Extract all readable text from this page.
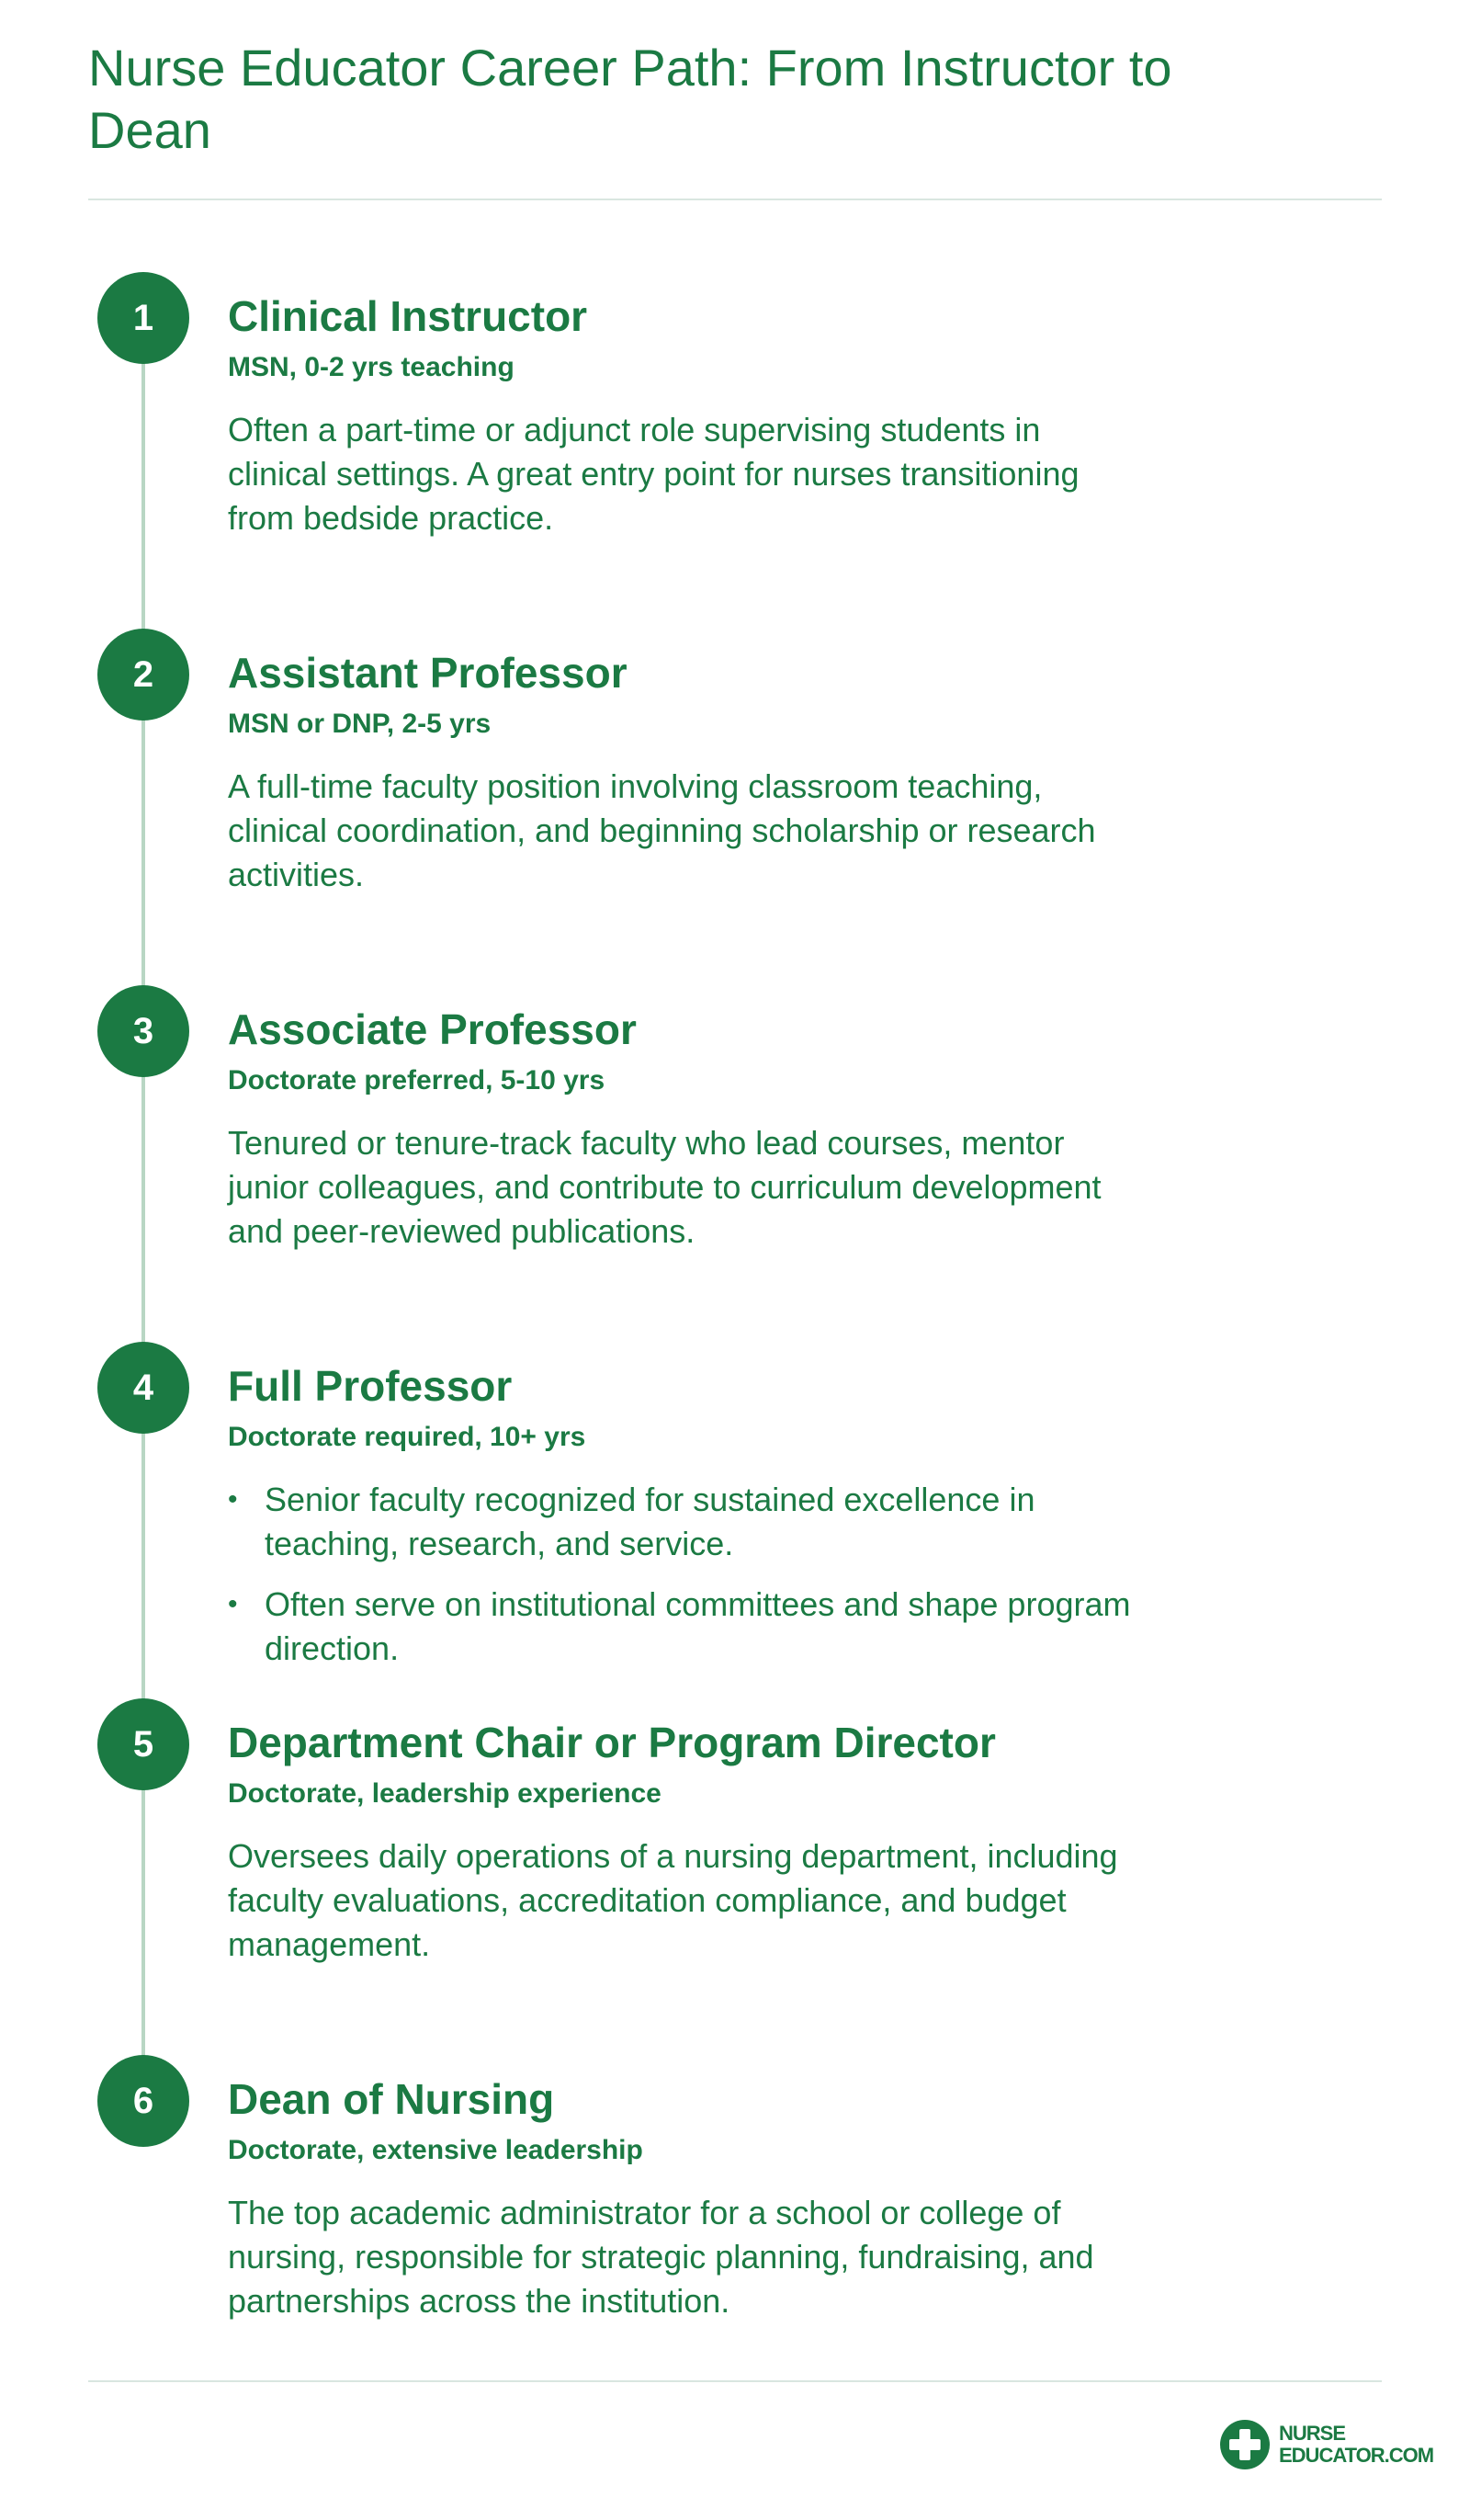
Nurse Educator Career Path: From Instructor to Dean
1	Clinical Instructor
MSN, 0-2 yrs teaching

Often a part-time or adjunct role supervising students in clinical settings. A great entry point for nurses transitioning from bedside practice.

2	Assistant Professor
MSN or DNP, 2-5 yrs

A full-time faculty position involving classroom teaching, clinical coordination, and beginning scholarship or research activities.

3	Associate Professor
Doctorate preferred, 5-10 yrs

Tenured or tenure-track faculty who lead courses, mentor junior colleagues, and contribute to curriculum development and peer-reviewed publications.

4	Full Professor
Doctorate required, 10+ yrs
• Senior faculty recognized for sustained excellence in teaching, research, and service.
• Often serve on institutional committees and shape program direction.
5	Department Chair or Program Director
Doctorate, leadership experience

Oversees daily operations of a nursing department, including faculty evaluations, accreditation compliance, and budget management.

6	Dean of Nursing
Doctorate, extensive leadership

The top academic administrator for a school or college of nursing, responsible for strategic planning, fundraising, and partnerships across the institution.

NURSE
EDUCATOR.COM
